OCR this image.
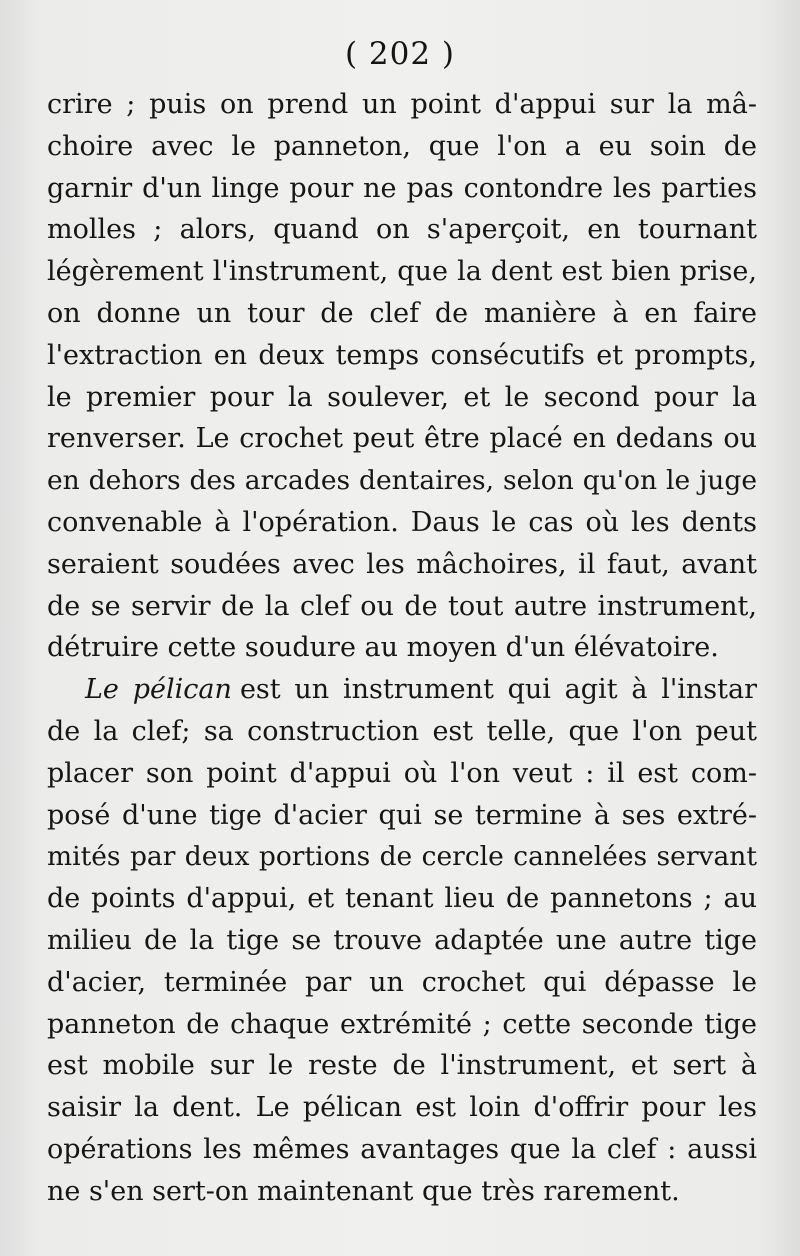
( 202 )
crire ; puis on prend un point d'appui sur la mâ-
choire avec le panneton, que l'on a eu soin de
garnir d'un linge pour ne pas contondre les parties
molles ; alors, quand on s'aperçoit, en tournant
légèrement l'instrument, que la dent est bien prise,
on donne un tour de clef de manière à en faire
l'extraction en deux temps consécutifs et prompts,
le premier pour la soulever, et le second pour la
renverser. Le crochet peut être placé en dedans ou
en dehors des arcades dentaires, selon qu'on le juge
convenable à l'opération. Daus le cas où les dents
seraient soudées avec les mâchoires, il faut, avant
de se servir de la clef ou de tout autre instrument,
détruire cette soudure au moyen d'un élévatoire.
Le pélican est un instrument qui agit à l'instar
de la clef; sa construction est telle, que l'on peut
placer son point d'appui où l'on veut : il est com-
posé d'une tige d'acier qui se termine à ses extré-
mités par deux portions de cercle cannelées servant
de points d'appui, et tenant lieu de pannetons ; au
milieu de la tige se trouve adaptée une autre tige
d'acier, terminée par un crochet qui dépasse le
panneton de chaque extrémité ; cette seconde tige
est mobile sur le reste de l'instrument, et sert à
saisir la dent. Le pélican est loin d'offrir pour les
opérations les mêmes avantages que la clef : aussi
ne s'en sert-on maintenant que très rarement.
